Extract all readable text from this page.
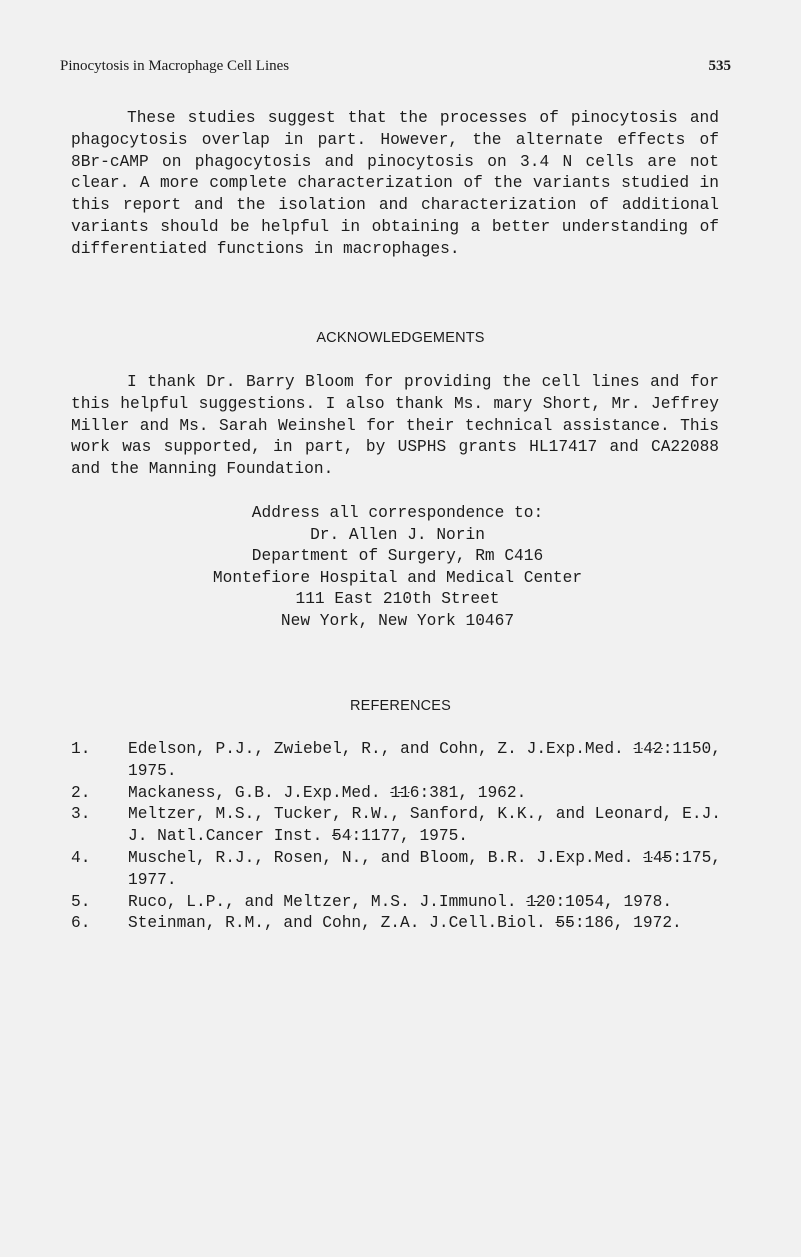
Pinocytosis in Macrophage Cell Lines	535

These studies suggest that the processes of pinocytosis and phagocytosis overlap in part. However, the alternate effects of 8Br-cAMP on phagocytosis and pinocytosis on 3.4 N cells are not clear. A more complete characterization of the variants studied in this report and the isolation and characterization of additional variants should be helpful in obtaining a better understanding of differentiated functions in macrophages.

ACKNOWLEDGEMENTS

I thank Dr. Barry Bloom for providing the cell lines and for this helpful suggestions. I also thank Ms. mary Short, Mr. Jeffrey Miller and Ms. Sarah Weinshel for their technical assistance. This work was supported, in part, by USPHS grants HL17417 and CA22088 and the Manning Foundation.

Address all correspondence to:
Dr. Allen J. Norin
Department of Surgery, Rm C416
Montefiore Hospital and Medical Center
111 East 210th Street
New York, New York 10467
REFERENCES
1. Edelson, P.J., Zwiebel, R., and Cohn, Z. J.Exp.Med. 142:1150, 1975.
2. Mackaness, G.B. J.Exp.Med. 116:381, 1962.
3. Meltzer, M.S., Tucker, R.W., Sanford, K.K., and Leonard, E.J. J. Natl.Cancer Inst. 54:1177, 1975.
4. Muschel, R.J., Rosen, N., and Bloom, B.R. J.Exp.Med. 145:175, 1977.
5. Ruco, L.P., and Meltzer, M.S. J.Immunol. 120:1054, 1978.
6. Steinman, R.M., and Cohn, Z.A. J.Cell.Biol. 55:186, 1972.
